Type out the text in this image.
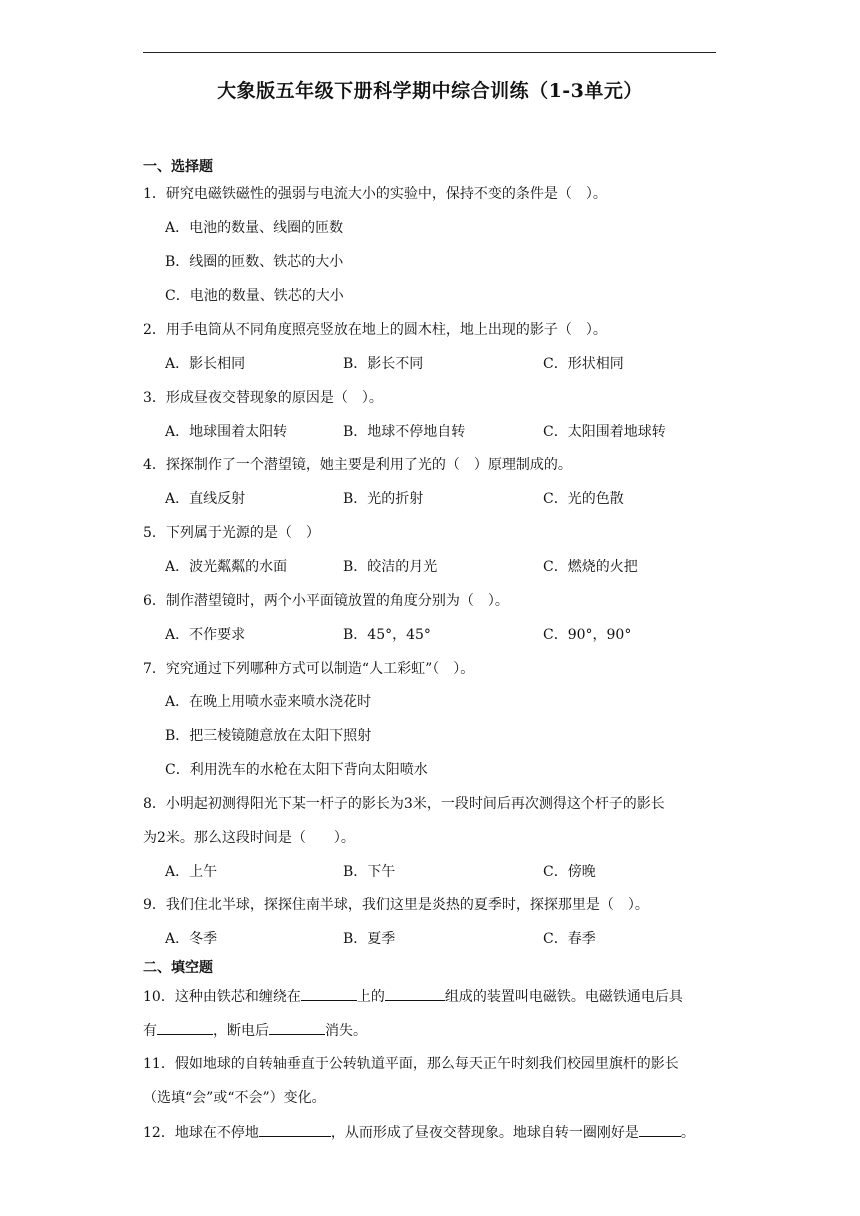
大象版五年级下册科学期中综合训练（1-3单元）
一、选择题
1．研究电磁铁磁性的强弱与电流大小的实验中，保持不变的条件是（　）。
A．电池的数量、线圈的匝数
B．线圈的匝数、铁芯的大小
C．电池的数量、铁芯的大小
2．用手电筒从不同角度照亮竖放在地上的圆木柱，地上出现的影子（　）。
A．影长相同	B．影长不同	C．形状相同
3．形成昼夜交替现象的原因是（　）。
A．地球围着太阳转	B．地球不停地自转	C．太阳围着地球转
4．探探制作了一个潜望镜，她主要是利用了光的（　）原理制成的。
A．直线反射	B．光的折射	C．光的色散
5．下列属于光源的是（　）
A．波光粼粼的水面	B．皎洁的月光	C．燃烧的火把
6．制作潜望镜时，两个小平面镜放置的角度分别为（　）。
A．不作要求	B．45°，45°	C．90°，90°
7．究究通过下列哪种方式可以制造“人工彩虹”（　）。
A．在晚上用喷水壶来喷水浇花时
B．把三棱镜随意放在太阳下照射
C．利用洗车的水枪在太阳下背向太阳喷水
8．小明起初测得阳光下某一杆子的影长为3米，一段时间后再次测得这个杆子的影长
为2米。那么这段时间是（　　）。
A．上午	B．下午	C．傍晚
9．我们住北半球，探探住南半球，我们这里是炎热的夏季时，探探那里是（　）。
A．冬季	B．夏季	C．春季
二、填空题
10．这种由铁芯和缠绕在	上的	组成的装置叫电磁铁。电磁铁通电后具
有	，断电后	消失。
11．假如地球的自转轴垂直于公转轨道平面，那么每天正午时刻我们校园里旗杆的影长
（选填“会”或“不会”）变化。
12．地球在不停地	，从而形成了昼夜交替现象。地球自转一圈刚好是	。
